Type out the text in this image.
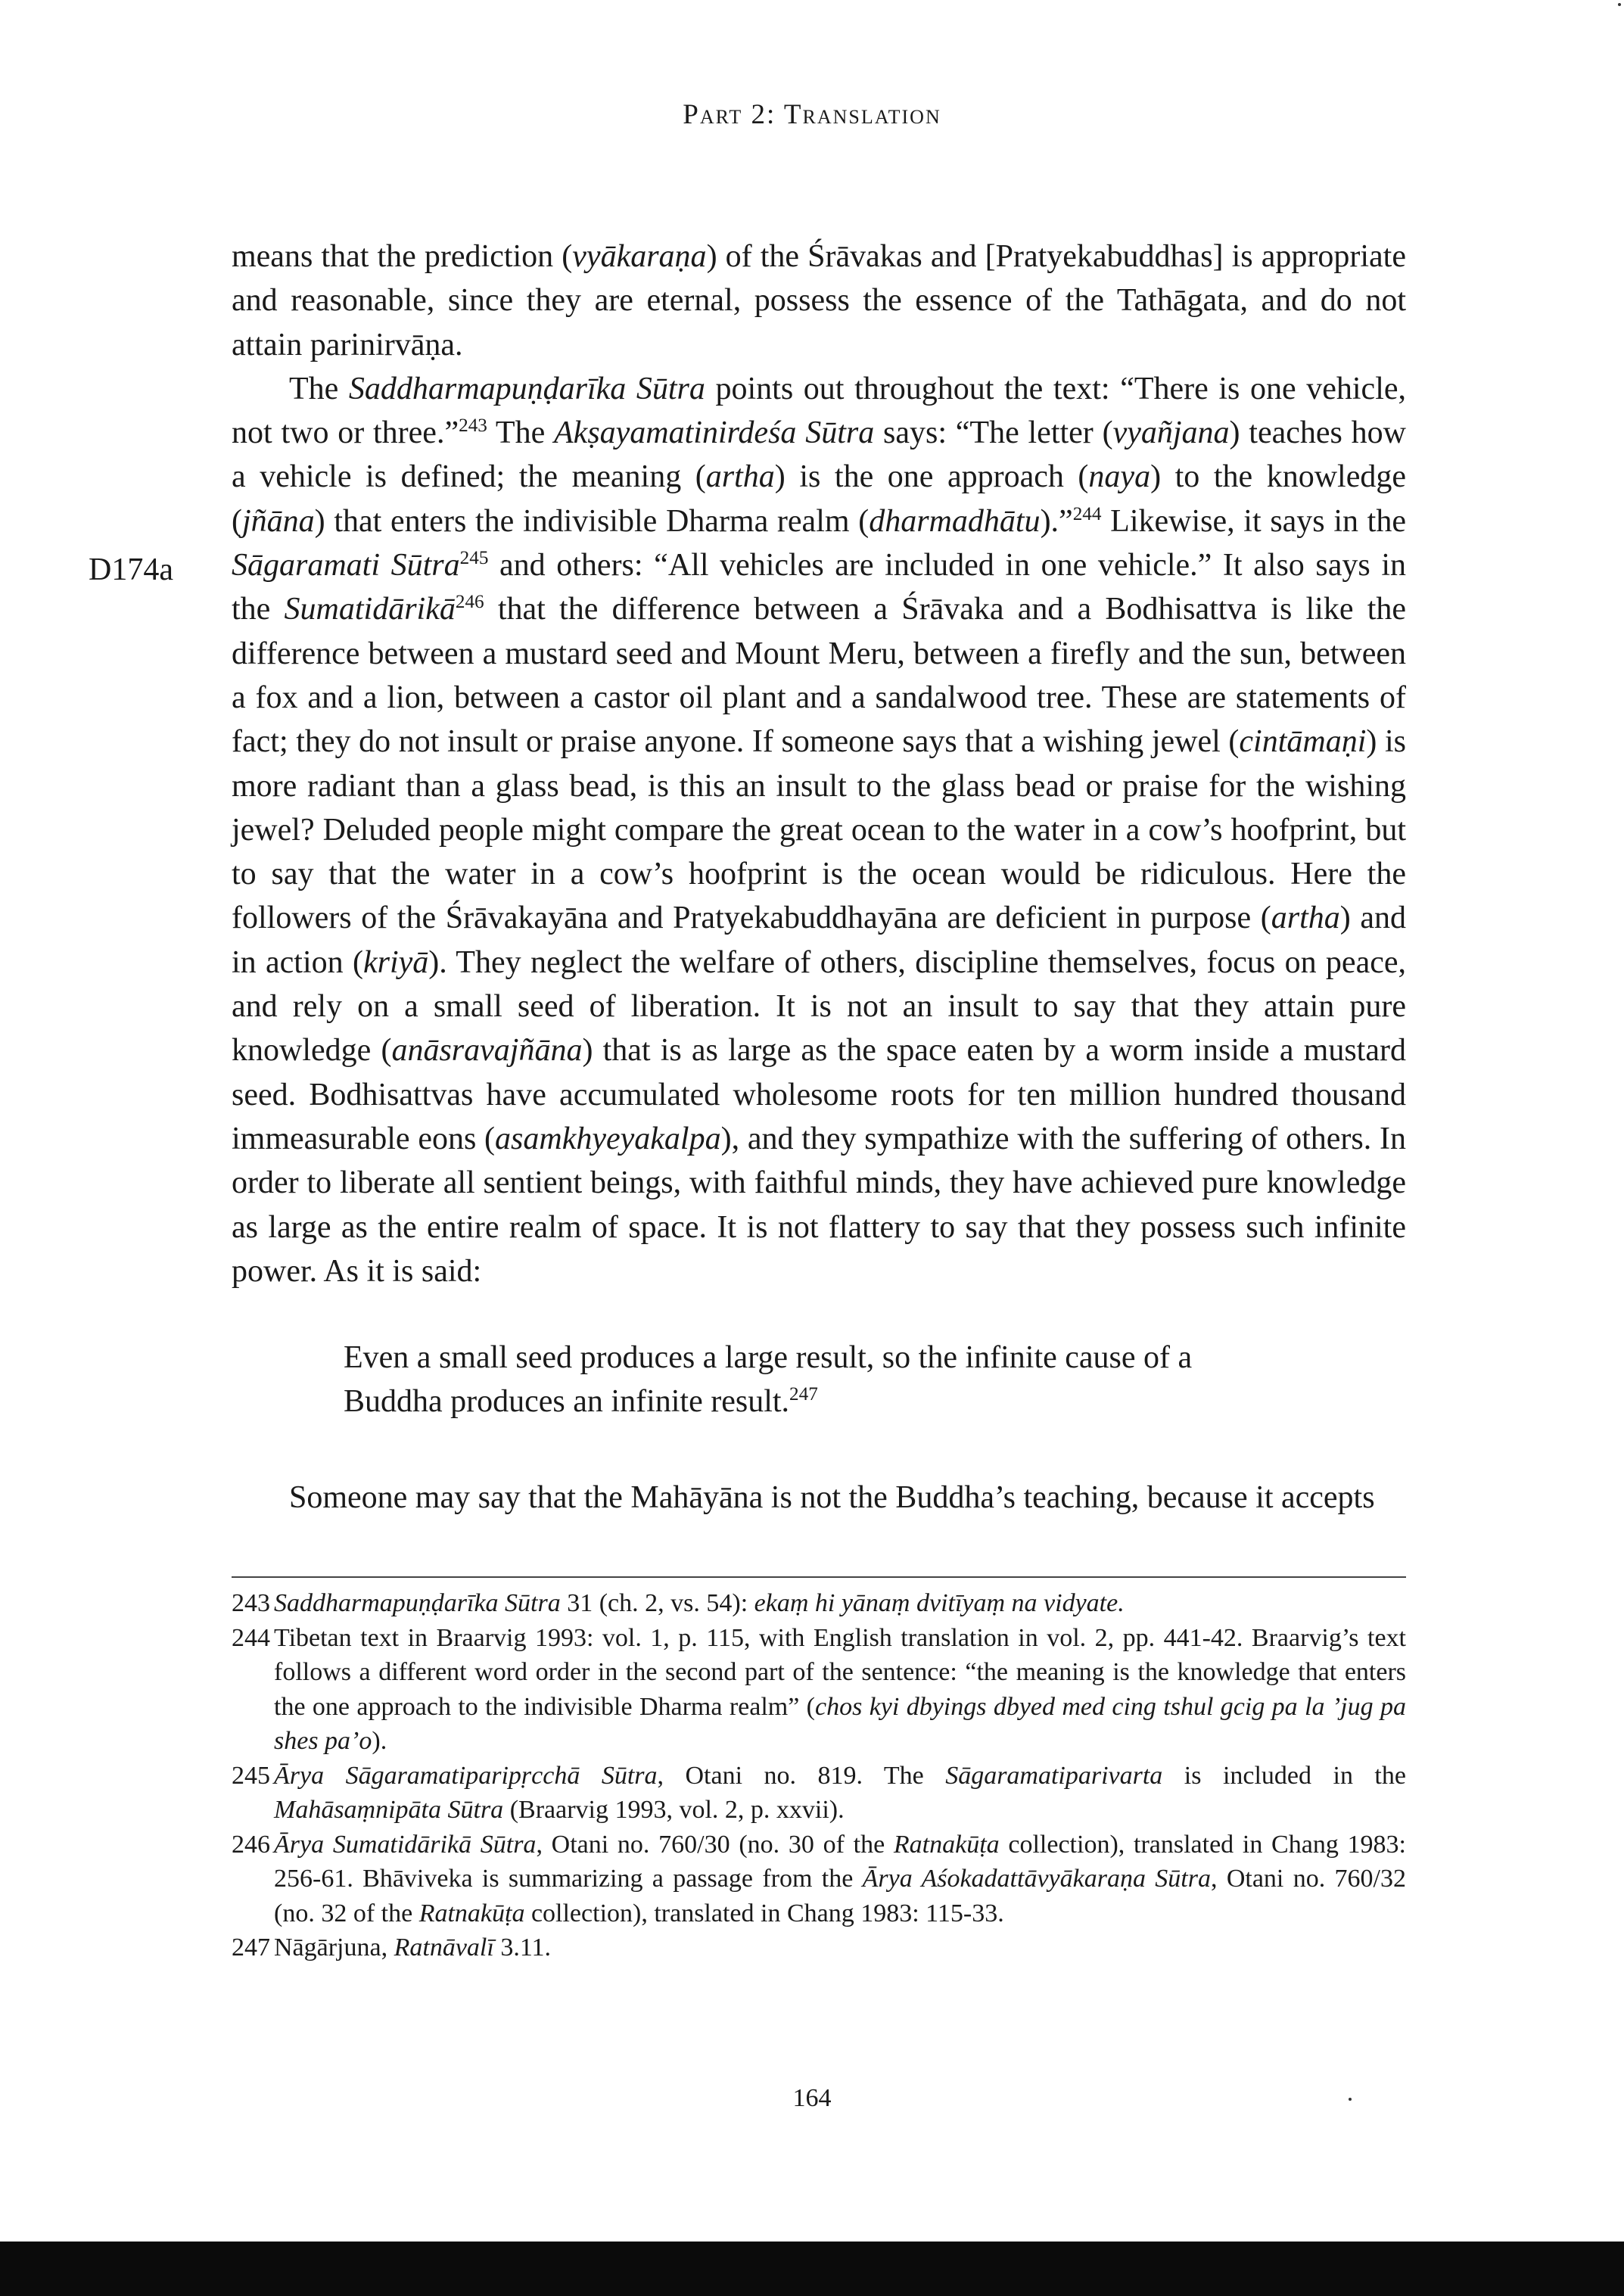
Part 2: Translation
D174a

means that the prediction (vyākaraṇa) of the Śrāvakas and [Pratyekabuddhas] is appropriate and reasonable, since they are eternal, possess the essence of the Tathāgata, and do not attain parinirvāṇa.

The Saddharmapuṇḍarīka Sūtra points out throughout the text: “There is one vehicle, not two or three.”$^{243}$ The Akṣayamatinirdeśa Sūtra says: “The letter (vyañjana) teaches how a vehicle is defined; the meaning (artha) is the one approach (naya) to the knowledge (jñāna) that enters the indivisible Dharma realm (dharmadhātu).”$^{244}$ Likewise, it says in the Sāgaramati Sūtra$^{245}$ and others: “All vehicles are included in one vehicle.” It also says in the Sumatidārikā$^{246}$ that the difference between a Śrāvaka and a Bodhisattva is like the difference between a mustard seed and Mount Meru, between a firefly and the sun, between a fox and a lion, between a castor oil plant and a sandalwood tree. These are statements of fact; they do not insult or praise anyone. If someone says that a wishing jewel (cintāmaṇi) is more radiant than a glass bead, is this an insult to the glass bead or praise for the wishing jewel? Deluded people might compare the great ocean to the water in a cow’s hoofprint, but to say that the water in a cow’s hoofprint is the ocean would be ridiculous. Here the followers of the Śrāvakayāna and Pratyekabuddhayāna are deficient in purpose (artha) and in action (kriyā). They neglect the welfare of others, discipline themselves, focus on peace, and rely on a small seed of liberation. It is not an insult to say that they attain pure knowledge (anāsravajñāna) that is as large as the space eaten by a worm inside a mustard seed. Bodhisattvas have accumulated wholesome roots for ten million hundred thousand immeasurable eons (asamkhyeyakalpa), and they sympathize with the suffering of others. In order to liberate all sentient beings, with faithful minds, they have achieved pure knowledge as large as the entire realm of space. It is not flattery to say that they possess such infinite power. As it is said:

Even a small seed produces a large result, so the infinite cause of a
Buddha produces an infinite result.$^{247}$
Someone may say that the Mahāyāna is not the Buddha’s teaching, because it accepts
243 Saddharmapuṇḍarīka Sūtra 31 (ch. 2, vs. 54): ekaṃ hi yānaṃ dvitīyaṃ na vidyate.
244 Tibetan text in Braarvig 1993: vol. 1, p. 115, with English translation in vol. 2, pp. 441-42. Braarvig’s text follows a different word order in the second part of the sentence: “the meaning is the knowledge that enters the one approach to the indivisible Dharma realm” (chos kyi dbyings dbyed med cing tshul gcig pa la ’jug pa shes pa’o).
245 Ārya Sāgaramatiparipṛcchā Sūtra, Otani no. 819. The Sāgaramatiparivarta is included in the Mahāsaṃnipāta Sūtra (Braarvig 1993, vol. 2, p. xxvii).
246 Ārya Sumatidārikā Sūtra, Otani no. 760/30 (no. 30 of the Ratnakūṭa collection), translated in Chang 1983: 256-61. Bhāviveka is summarizing a passage from the Ārya Aśokadattāvyākaraṇa Sūtra, Otani no. 760/32 (no. 32 of the Ratnakūṭa collection), translated in Chang 1983: 115-33.
247 Nāgārjuna, Ratnāvalī 3.11.
164
